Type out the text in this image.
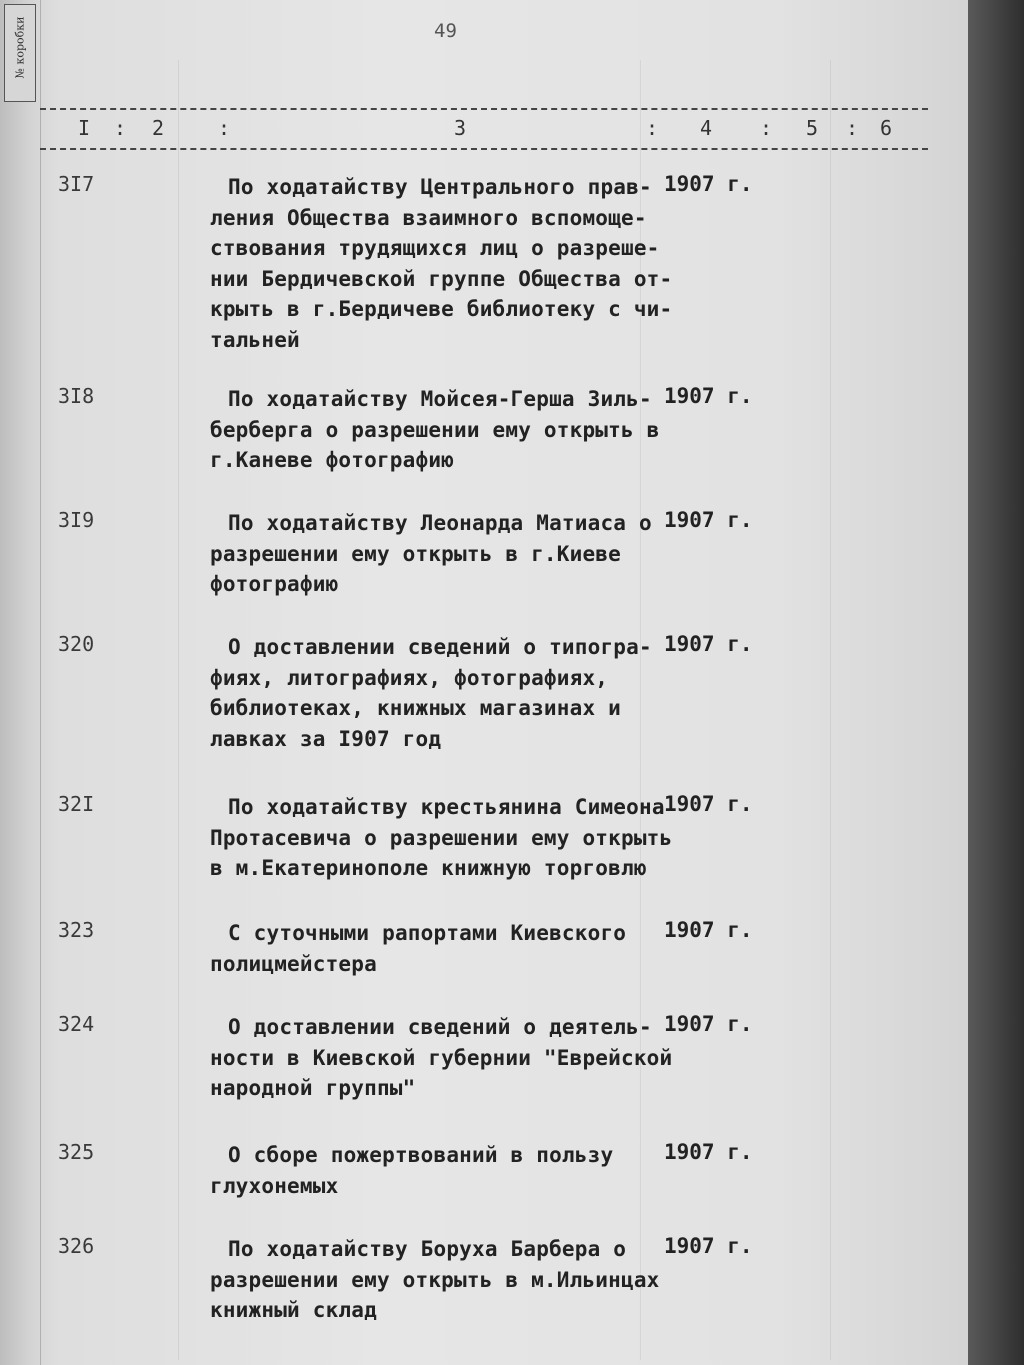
№ коробки	49
I : 2	:	3	: 4 : 5 : 6
3I7	По ходатайству Центрального прав-
ления Общества взаимного вспомоще-
ствования трудящихся лиц о разреше-
нии Бердичевской группе Общества от-
крыть в г.Бердичеве библиотеку с чи-
тальней
1907 г.
3I8	По ходатайству Мойсея-Герша Зиль-
берберга о разрешении ему открыть в
г.Каневе фотографию
1907 г.
3I9	По ходатайству Леонарда Матиаса о
разрешении ему открыть в г.Киеве
фотографию
1907 г.
320	О доставлении сведений о типогра-
фиях, литографиях, фотографиях,
библиотеках, книжных магазинах и
лавках за I907 год
1907 г.
32I	По ходатайству крестьянина Симеона
Протасевича о разрешении ему открыть
в м.Екатеринополе книжную торговлю
1907 г.
323	С суточными рапортами Киевского
полицмейстера
1907 г.
324	О доставлении сведений о деятель-
ности в Киевской губернии "Еврейской
народной группы"
1907 г.
325	О сборе пожертвований в пользу
глухонемых
1907 г.
326	По ходатайству Боруха Барбера о
разрешении ему открыть в м.Ильинцах
книжный склад
1907 г.
